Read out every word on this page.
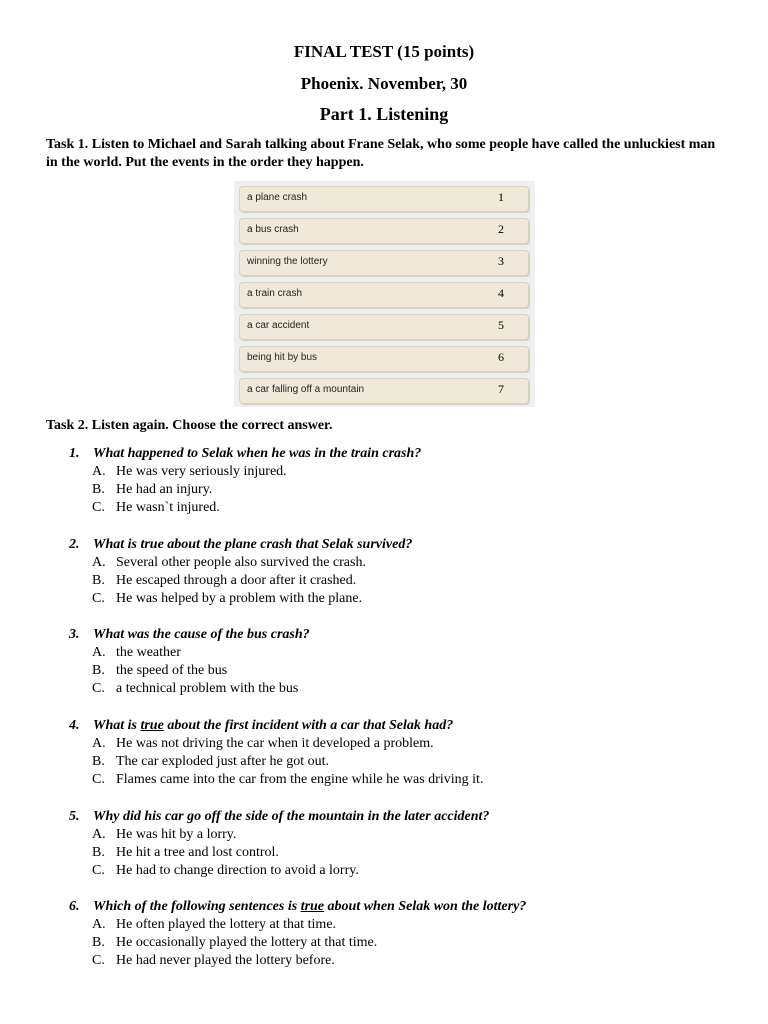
FINAL TEST (15 points)
Phoenix. November, 30
Part 1. Listening
Task 1. Listen to Michael and Sarah talking about Frane Selak, who some people have called the unluckiest man in the world. Put the events in the order they happen.
a plane crash	1
a bus crash	2
winning the lottery	3
a train crash	4
a car accident	5
being hit by bus	6
a car falling off a mountain	7
Task 2. Listen again. Choose the correct answer.
1. What happened to Selak when he was in the train crash?
A. He was very seriously injured.
B. He had an injury.
C. He wasn`t injured.
2. What is true about the plane crash that Selak survived?
A. Several other people also survived the crash.
B. He escaped through a door after it crashed.
C. He was helped by a problem with the plane.
3. What was the cause of the bus crash?
A. the weather
B. the speed of the bus
C. a technical problem with the bus
4. What is true about the first incident with a car that Selak had?
A. He was not driving the car when it developed a problem.
B. The car exploded just after he got out.
C. Flames came into the car from the engine while he was driving it.
5. Why did his car go off the side of the mountain in the later accident?
A. He was hit by a lorry.
B. He hit a tree and lost control.
C. He had to change direction to avoid a lorry.
6. Which of the following sentences is true about when Selak won the lottery?
A. He often played the lottery at that time.
B. He occasionally played the lottery at that time.
C. He had never played the lottery before.
